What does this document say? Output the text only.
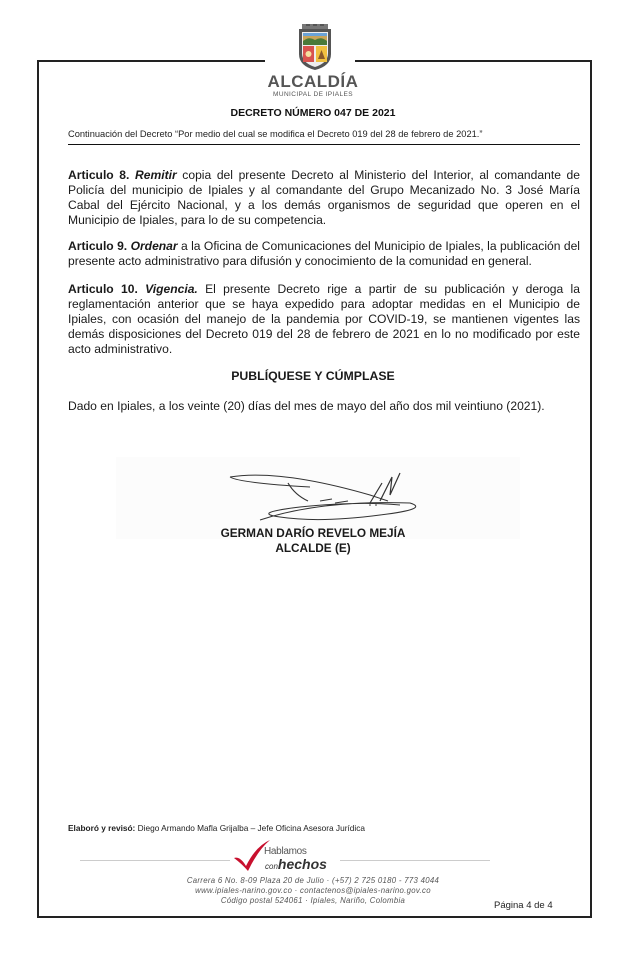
ALCALDÍA
MUNICIPAL DE IPIALES
DECRETO NÚMERO 047 DE 2021
Continuación del Decreto “Por medio del cual se modifica el Decreto 019 del 28 de febrero de 2021.”
Articulo 8. Remitir copia del presente Decreto al Ministerio del Interior, al comandante de Policía del municipio de Ipiales y al comandante del Grupo Mecanizado No. 3 José María Cabal del Ejército Nacional, y a los demás organismos de seguridad que operen en el Municipio de Ipiales, para lo de su competencia.
Articulo 9. Ordenar a la Oficina de Comunicaciones del Municipio de Ipiales, la publicación del presente acto administrativo para difusión y conocimiento de la comunidad en general.
Articulo 10. Vigencia. El presente Decreto rige a partir de su publicación y deroga la reglamentación anterior que se haya expedido para adoptar medidas en el Municipio de Ipiales, con ocasión del manejo de la pandemia por COVID-19, se mantienen vigentes las demás disposiciones del Decreto 019 del 28 de febrero de 2021 en lo no modificado por este acto administrativo.
PUBLÍQUESE Y CÚMPLASE
Dado en Ipiales, a los veinte (20) días del mes de mayo del año dos mil veintiuno (2021).
GERMAN DARÍO REVELO MEJÍA
ALCALDE (E)
Elaboró y revisó: Diego Armando Mafla Grijalba – Jefe Oficina Asesora Jurídica
Hablamos
conhechos
Carrera 6 No. 8-09 Plaza 20 de Julio · (+57) 2 725 0180 - 773 4044
www.ipiales-narino.gov.co · contactenos@ipiales-narino.gov.co
Código postal 524061 · Ipiales, Nariño, Colombia	Página 4 de 4
